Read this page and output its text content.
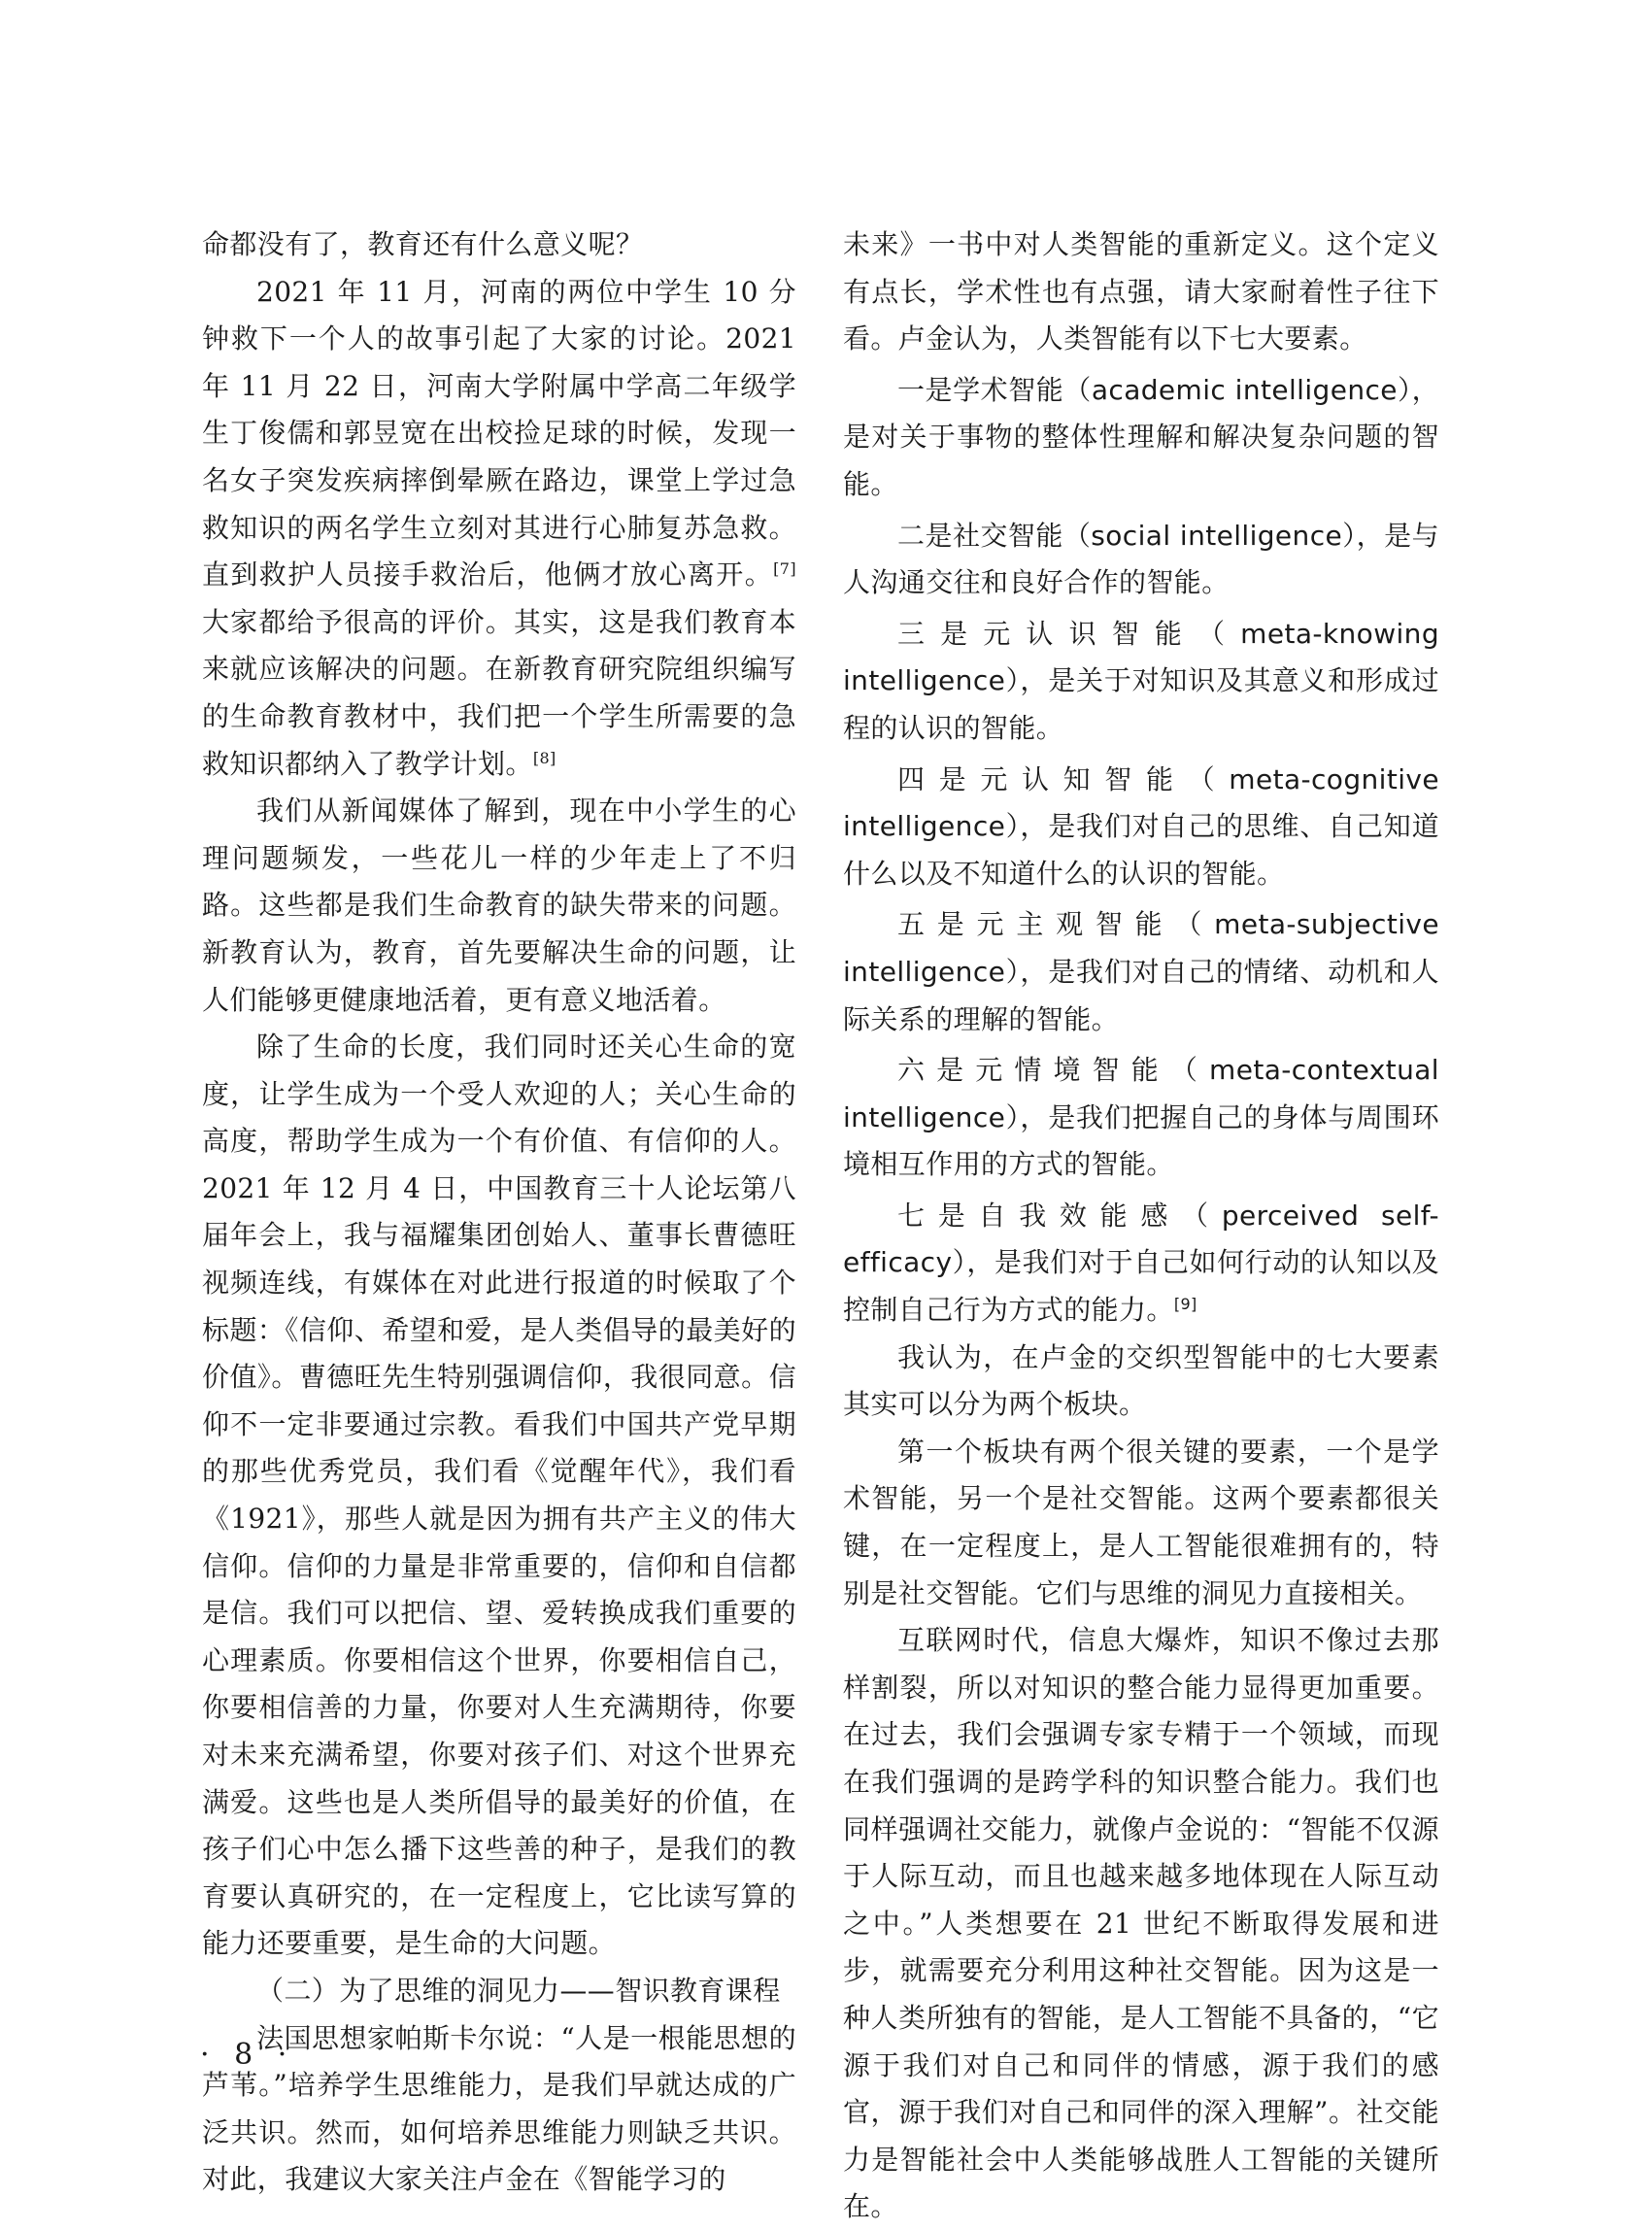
命都没有了，教育还有什么意义呢？

2021 年 11 月，河南的两位中学生 10 分钟救下一个人的故事引起了大家的讨论。2021 年 11 月 22 日，河南大学附属中学高二年级学生丁俊儒和郭昱宽在出校捡足球的时候，发现一名女子突发疾病摔倒晕厥在路边，课堂上学过急救知识的两名学生立刻对其进行心肺复苏急救。直到救护人员接手救治后，他俩才放心离开。[7]大家都给予很高的评价。其实，这是我们教育本来就应该解决的问题。在新教育研究院组织编写的生命教育教材中，我们把一个学生所需要的急救知识都纳入了教学计划。[8]

我们从新闻媒体了解到，现在中小学生的心理问题频发，一些花儿一样的少年走上了不归路。这些都是我们生命教育的缺失带来的问题。新教育认为，教育，首先要解决生命的问题，让人们能够更健康地活着，更有意义地活着。

除了生命的长度，我们同时还关心生命的宽度，让学生成为一个受人欢迎的人；关心生命的高度，帮助学生成为一个有价值、有信仰的人。2021 年 12 月 4 日，中国教育三十人论坛第八届年会上，我与福耀集团创始人、董事长曹德旺视频连线，有媒体在对此进行报道的时候取了个标题：《信仰、希望和爱，是人类倡导的最美好的价值》。曹德旺先生特别强调信仰，我很同意。信仰不一定非要通过宗教。看我们中国共产党早期的那些优秀党员，我们看《觉醒年代》，我们看《1921》，那些人就是因为拥有共产主义的伟大信仰。信仰的力量是非常重要的，信仰和自信都是信。我们可以把信、望、爱转换成我们重要的心理素质。你要相信这个世界，你要相信自己，你要相信善的力量，你要对人生充满期待，你要对未来充满希望，你要对孩子们、对这个世界充满爱。这些也是人类所倡导的最美好的价值，在孩子们心中怎么播下这些善的种子，是我们的教育要认真研究的，在一定程度上，它比读写算的能力还要重要，是生命的大问题。

（二）为了思维的洞见力——智识教育课程

法国思想家帕斯卡尔说：“人是一根能思想的芦苇。”培养学生思维能力，是我们早就达成的广泛共识。然而，如何培养思维能力则缺乏共识。对此，我建议大家关注卢金在《智能学习的

未来》一书中对人类智能的重新定义。这个定义有点长，学术性也有点强，请大家耐着性子往下看。卢金认为，人类智能有以下七大要素。

一是学术智能（academic intelligence），是对关于事物的整体性理解和解决复杂问题的智能。

二是社交智能（social intelligence），是与人沟通交往和良好合作的智能。

三是元认识智能（meta-knowing intelligence），是关于对知识及其意义和形成过程的认识的智能。

四是元认知智能（meta-cognitive intelligence），是我们对自己的思维、自己知道什么以及不知道什么的认识的智能。

五是元主观智能（meta-subjective intelligence），是我们对自己的情绪、动机和人际关系的理解的智能。

六是元情境智能（meta-contextual intelligence），是我们把握自己的身体与周围环境相互作用的方式的智能。

七是自我效能感（perceived self-efficacy），是我们对于自己如何行动的认知以及控制自己行为方式的能力。[9]

我认为，在卢金的交织型智能中的七大要素其实可以分为两个板块。

第一个板块有两个很关键的要素，一个是学术智能，另一个是社交智能。这两个要素都很关键，在一定程度上，是人工智能很难拥有的，特别是社交智能。它们与思维的洞见力直接相关。

互联网时代，信息大爆炸，知识不像过去那样割裂，所以对知识的整合能力显得更加重要。在过去，我们会强调专家专精于一个领域，而现在我们强调的是跨学科的知识整合能力。我们也同样强调社交能力，就像卢金说的：“智能不仅源于人际互动，而且也越来越多地体现在人际互动之中。”人类想要在 21 世纪不断取得发展和进步，就需要充分利用这种社交智能。因为这是一种人类所独有的智能，是人工智能不具备的，“它源于我们对自己和同伴的情感，源于我们的感官，源于我们对自己和同伴的深入理解”。社交能力是智能社会中人类能够战胜人工智能的关键所在。

· 8 ·
